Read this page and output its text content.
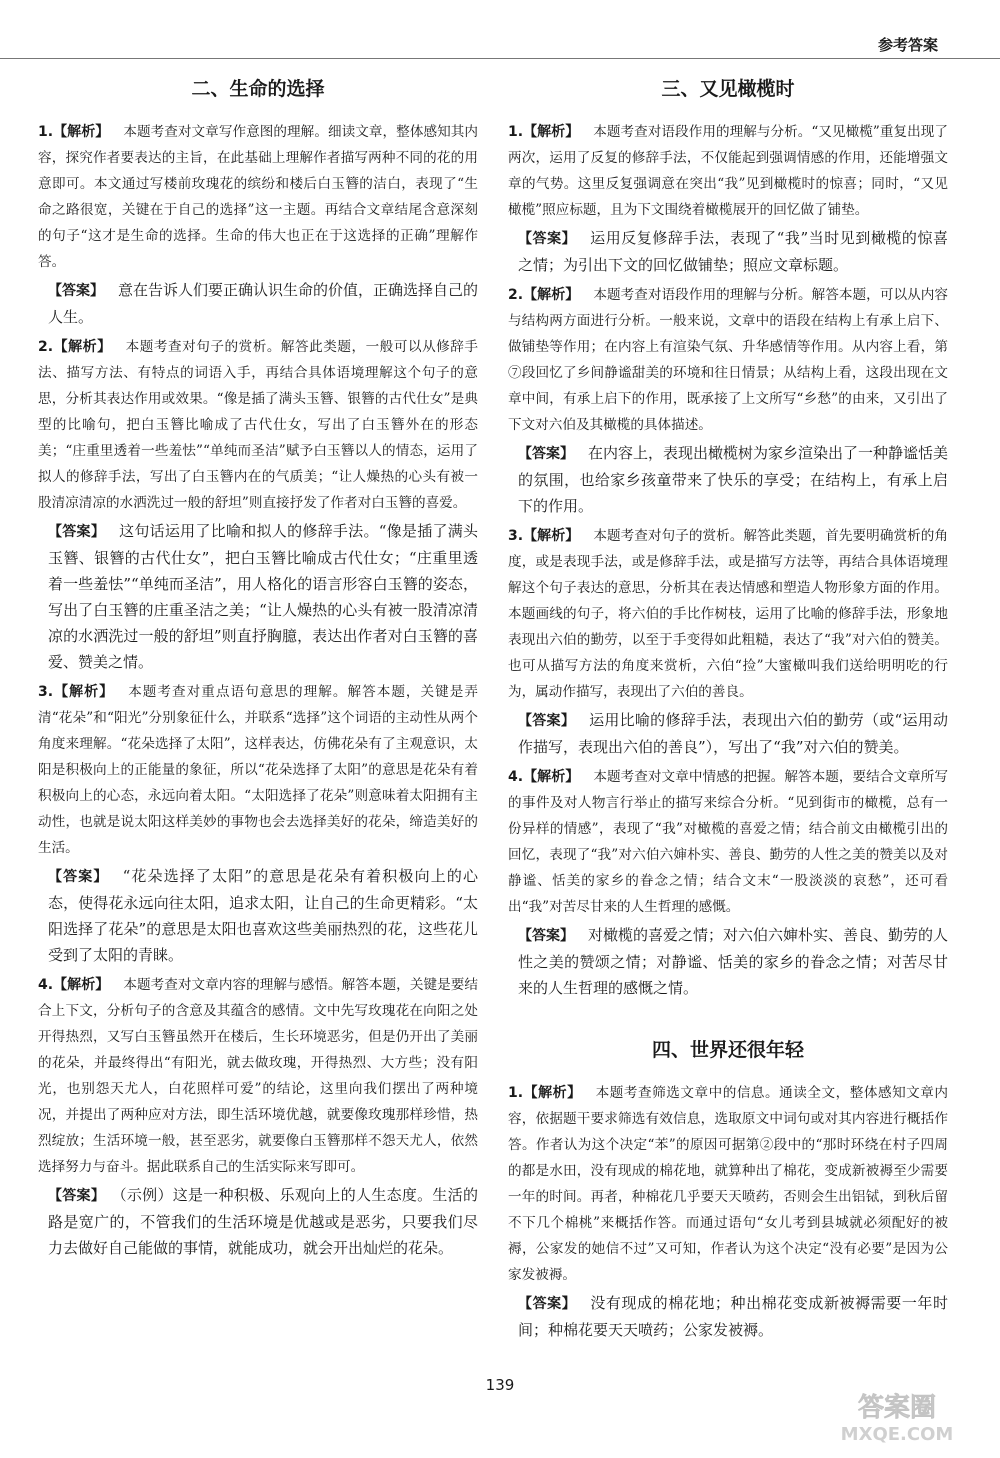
参考答案
二、生命的选择
1.【解析】 本题考查对文章写作意图的理解。细读文章，整体感知其内容，探究作者要表达的主旨，在此基础上理解作者描写两种不同的花的用意即可。本文通过写楼前玫瑰花的缤纷和楼后白玉簪的洁白，表现了“生命之路很宽，关键在于自己的选择”这一主题。再结合文章结尾含意深刻的句子“这才是生命的选择。生命的伟大也正在于这选择的正确”理解作答。
【答案】 意在告诉人们要正确认识生命的价值，正确选择自己的人生。
2.【解析】 本题考查对句子的赏析。解答此类题，一般可以从修辞手法、描写方法、有特点的词语入手，再结合具体语境理解这个句子的意思，分析其表达作用或效果。“像是插了满头玉簪、银簪的古代仕女”是典型的比喻句，把白玉簪比喻成了古代仕女，写出了白玉簪外在的形态美；“庄重里透着一些羞怯”“单纯而圣洁”赋予白玉簪以人的情态，运用了拟人的修辞手法，写出了白玉簪内在的气质美；“让人燥热的心头有被一股清凉清凉的水洒洗过一般的舒坦”则直接抒发了作者对白玉簪的喜爱。
【答案】 这句话运用了比喻和拟人的修辞手法。“像是插了满头玉簪、银簪的古代仕女”，把白玉簪比喻成古代仕女；“庄重里透着一些羞怯”“单纯而圣洁”，用人格化的语言形容白玉簪的姿态，写出了白玉簪的庄重圣洁之美；“让人燥热的心头有被一股清凉清凉的水洒洗过一般的舒坦”则直抒胸臆，表达出作者对白玉簪的喜爱、赞美之情。
3.【解析】 本题考查对重点语句意思的理解。解答本题，关键是弄清“花朵”和“阳光”分别象征什么，并联系“选择”这个词语的主动性从两个角度来理解。“花朵选择了太阳”，这样表达，仿佛花朵有了主观意识，太阳是积极向上的正能量的象征，所以“花朵选择了太阳”的意思是花朵有着积极向上的心态，永远向着太阳。“太阳选择了花朵”则意味着太阳拥有主动性，也就是说太阳这样美妙的事物也会去选择美好的花朵，缔造美好的生活。
【答案】 “花朵选择了太阳”的意思是花朵有着积极向上的心态，使得花永远向往太阳，追求太阳，让自己的生命更精彩。“太阳选择了花朵”的意思是太阳也喜欢这些美丽热烈的花，这些花儿受到了太阳的青睐。
4.【解析】 本题考查对文章内容的理解与感悟。解答本题，关键是要结合上下文，分析句子的含意及其蕴含的感情。文中先写玫瑰花在向阳之处开得热烈，又写白玉簪虽然开在楼后，生长环境恶劣，但是仍开出了美丽的花朵，并最终得出“有阳光，就去做玫瑰，开得热烈、大方些；没有阳光，也别怨天尤人，白花照样可爱”的结论，这里向我们摆出了两种境况，并提出了两种应对方法，即生活环境优越，就要像玫瑰那样珍惜，热烈绽放；生活环境一般，甚至恶劣，就要像白玉簪那样不怨天尤人，依然选择努力与奋斗。据此联系自己的生活实际来写即可。
【答案】 （示例）这是一种积极、乐观向上的人生态度。生活的路是宽广的，不管我们的生活环境是优越或是恶劣，只要我们尽力去做好自己能做的事情，就能成功，就会开出灿烂的花朵。
三、又见橄榄时
1.【解析】 本题考查对语段作用的理解与分析。“又见橄榄”重复出现了两次，运用了反复的修辞手法，不仅能起到强调情感的作用，还能增强文章的气势。这里反复强调意在突出“我”见到橄榄时的惊喜；同时，“又见橄榄”照应标题，且为下文围绕着橄榄展开的回忆做了铺垫。
【答案】 运用反复修辞手法，表现了“我”当时见到橄榄的惊喜之情；为引出下文的回忆做铺垫；照应文章标题。
2.【解析】 本题考查对语段作用的理解与分析。解答本题，可以从内容与结构两方面进行分析。一般来说，文章中的语段在结构上有承上启下、做铺垫等作用；在内容上有渲染气氛、升华感情等作用。从内容上看，第⑦段回忆了乡间静谧甜美的环境和往日情景；从结构上看，这段出现在文章中间，有承上启下的作用，既承接了上文所写“乡愁”的由来，又引出了下文对六伯及其橄榄的具体描述。
【答案】 在内容上，表现出橄榄树为家乡渲染出了一种静谧恬美的氛围，也给家乡孩童带来了快乐的享受；在结构上，有承上启下的作用。
3.【解析】 本题考查对句子的赏析。解答此类题，首先要明确赏析的角度，或是表现手法，或是修辞手法，或是描写方法等，再结合具体语境理解这个句子表达的意思，分析其在表达情感和塑造人物形象方面的作用。本题画线的句子，将六伯的手比作树枝，运用了比喻的修辞手法，形象地表现出六伯的勤劳，以至于手变得如此粗糙，表达了“我”对六伯的赞美。也可从描写方法的角度来赏析，六伯“捡”大蜜橄叫我们送给明明吃的行为，属动作描写，表现出了六伯的善良。
【答案】 运用比喻的修辞手法，表现出六伯的勤劳（或“运用动作描写，表现出六伯的善良”），写出了“我”对六伯的赞美。
4.【解析】 本题考查对文章中情感的把握。解答本题，要结合文章所写的事件及对人物言行举止的描写来综合分析。“见到街市的橄榄，总有一份异样的情感”，表现了“我”对橄榄的喜爱之情；结合前文由橄榄引出的回忆，表现了“我”对六伯六婶朴实、善良、勤劳的人性之美的赞美以及对静谧、恬美的家乡的眷念之情；结合文末“一股淡淡的哀愁”，还可看出“我”对苦尽甘来的人生哲理的感慨。
【答案】 对橄榄的喜爱之情；对六伯六婶朴实、善良、勤劳的人性之美的赞颂之情；对静谧、恬美的家乡的眷念之情；对苦尽甘来的人生哲理的感慨之情。
四、世界还很年轻
1.【解析】 本题考查筛选文章中的信息。通读全文，整体感知文章内容，依据题干要求筛选有效信息，选取原文中词句或对其内容进行概括作答。作者认为这个决定“苯”的原因可据第②段中的“那时环绕在村子四周的都是水田，没有现成的棉花地，就算种出了棉花，变成新被褥至少需要一年的时间。再者，种棉花几乎要天天喷药，否则会生出铝铽，到秋后留不下几个棉桃”来概括作答。而通过语句“女儿考到县城就必须配好的被褥，公家发的她信不过”又可知，作者认为这个决定“没有必要”是因为公家发被褥。
【答案】 没有现成的棉花地；种出棉花变成新被褥需要一年时间；种棉花要天天喷药；公家发被褥。
139
答案圈
MXQE.COM
